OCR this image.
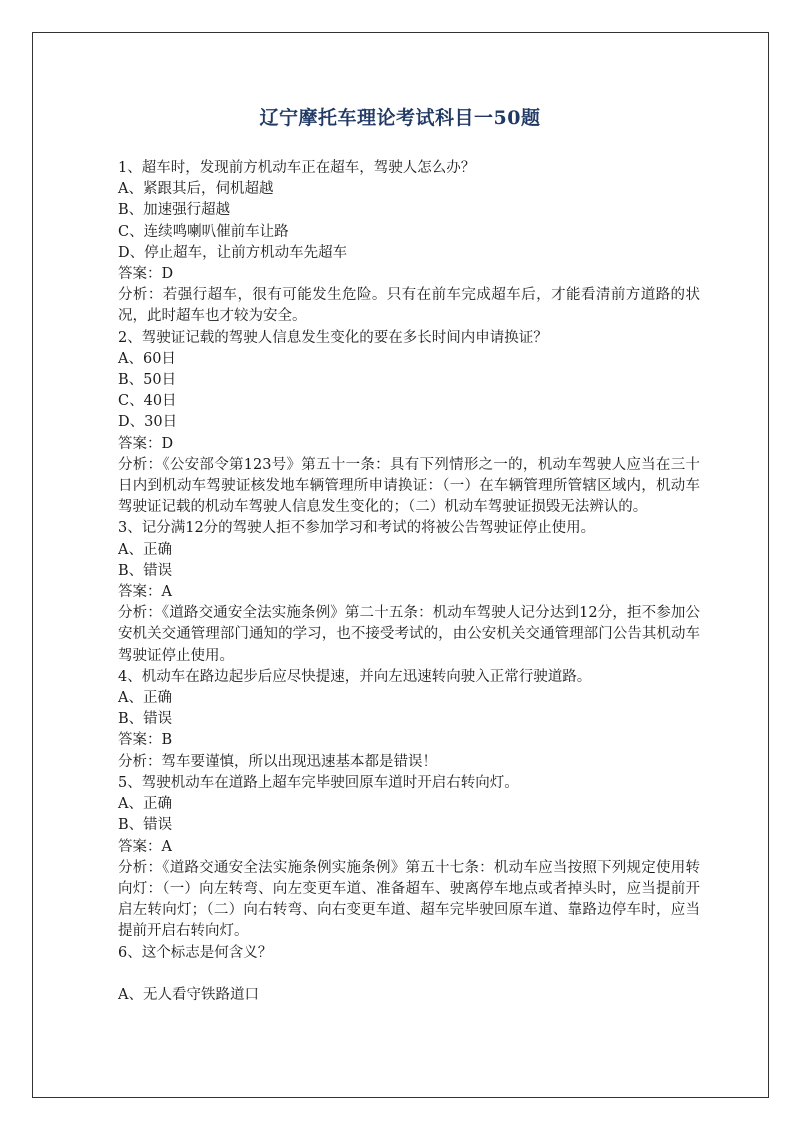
辽宁摩托车理论考试科目一50题

1、超车时，发现前方机动车正在超车，驾驶人怎么办？

A、紧跟其后，伺机超越

B、加速强行超越

C、连续鸣喇叭催前车让路

D、停止超车，让前方机动车先超车

答案：D

分析：若强行超车，很有可能发生危险。只有在前车完成超车后，才能看清前方道路的状况，此时超车也才较为安全。

2、驾驶证记载的驾驶人信息发生变化的要在多长时间内申请换证？

A、60日

B、50日

C、40日

D、30日

答案：D

分析：《公安部令第123号》第五十一条：具有下列情形之一的，机动车驾驶人应当在三十日内到机动车驾驶证核发地车辆管理所申请换证：（一）在车辆管理所管辖区域内，机动车驾驶证记载的机动车驾驶人信息发生变化的；（二）机动车驾驶证损毁无法辨认的。

3、记分满12分的驾驶人拒不参加学习和考试的将被公告驾驶证停止使用。

A、正确

B、错误

答案：A

分析：《道路交通安全法实施条例》第二十五条：机动车驾驶人记分达到12分，拒不参加公安机关交通管理部门通知的学习，也不接受考试的，由公安机关交通管理部门公告其机动车驾驶证停止使用。

4、机动车在路边起步后应尽快提速，并向左迅速转向驶入正常行驶道路。

A、正确

B、错误

答案：B

分析：驾车要谨慎，所以出现迅速基本都是错误！

5、驾驶机动车在道路上超车完毕驶回原车道时开启右转向灯。

A、正确

B、错误

答案：A

分析：《道路交通安全法实施条例实施条例》第五十七条：机动车应当按照下列规定使用转向灯：（一）向左转弯、向左变更车道、准备超车、驶离停车地点或者掉头时，应当提前开启左转向灯；（二）向右转弯、向右变更车道、超车完毕驶回原车道、靠路边停车时，应当提前开启右转向灯。

6、这个标志是何含义？

A、无人看守铁路道口
